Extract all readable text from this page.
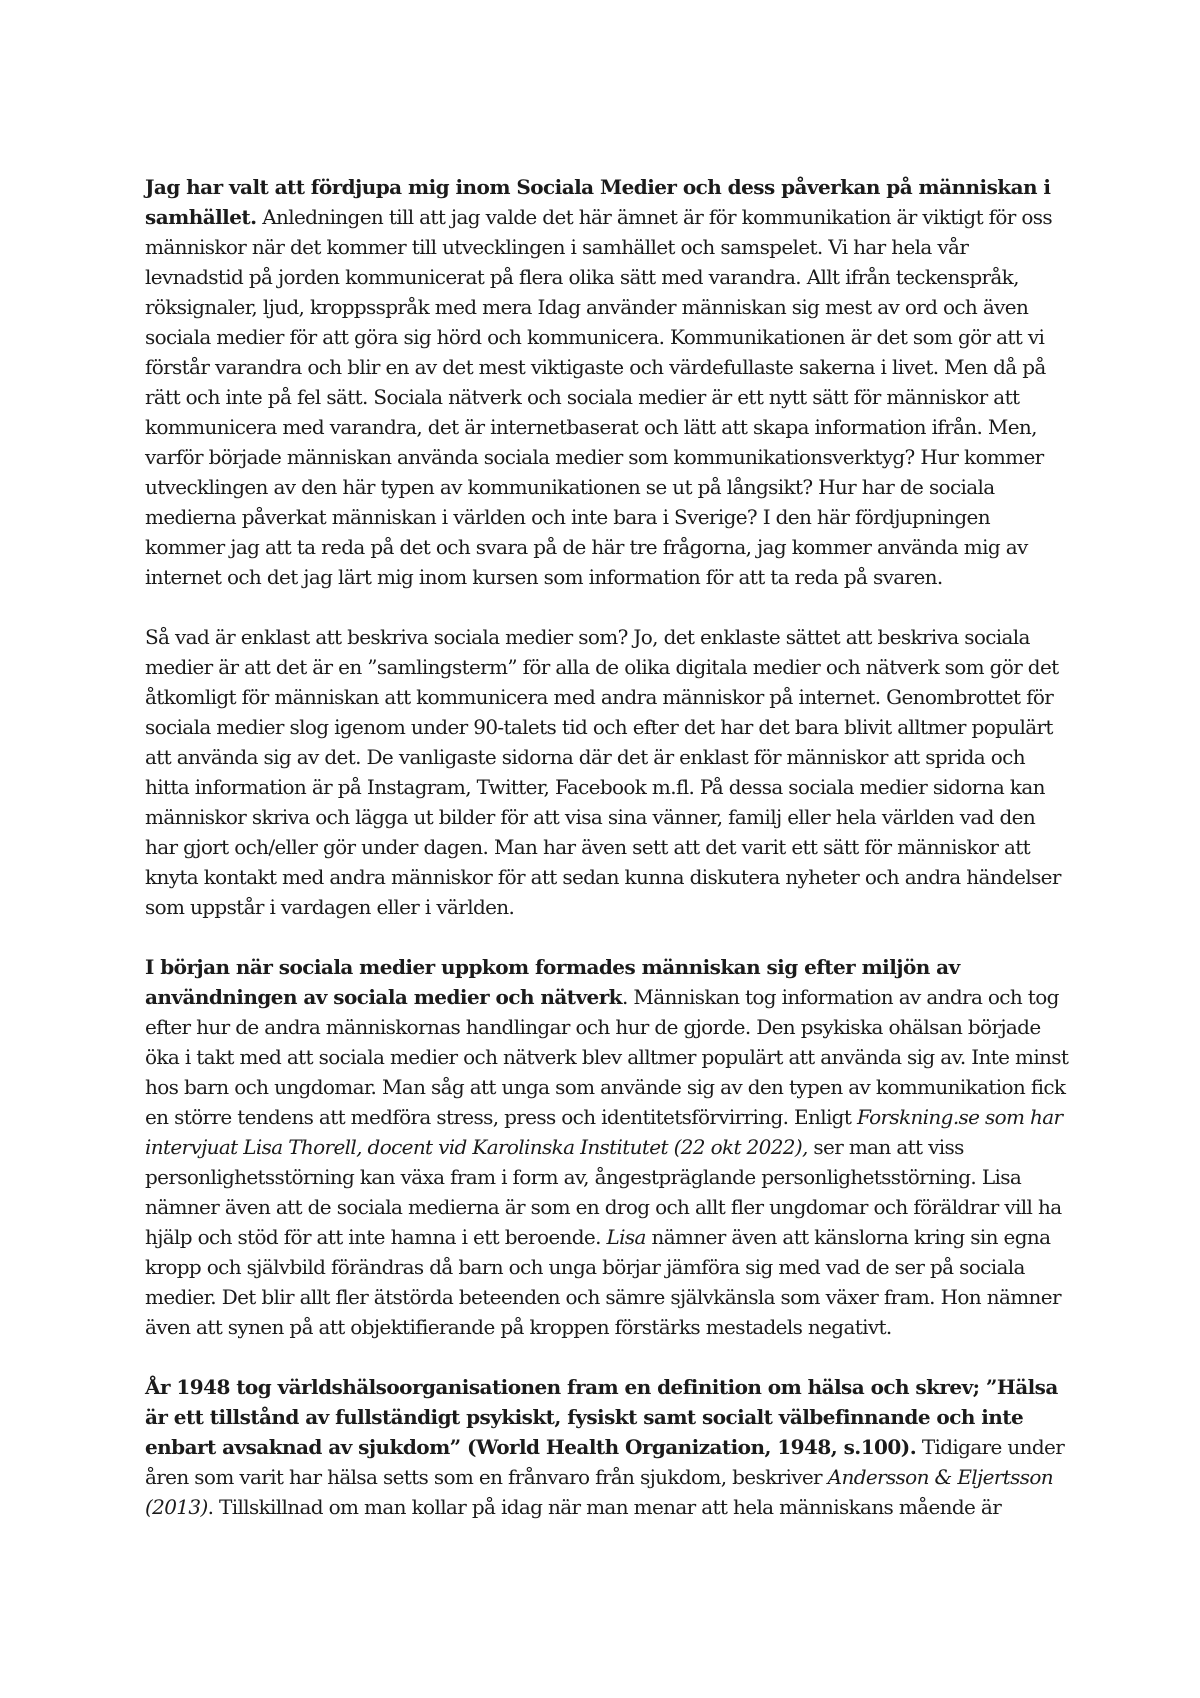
Jag har valt att fördjupa mig inom Sociala Medier och dess påverkan på människan i samhället. Anledningen till att jag valde det här ämnet är för kommunikation är viktigt för oss människor när det kommer till utvecklingen i samhället och samspelet. Vi har hela vår levnadstid på jorden kommunicerat på flera olika sätt med varandra. Allt ifrån teckenspråk, röksignaler, ljud, kroppsspråk med mera Idag använder människan sig mest av ord och även sociala medier för att göra sig hörd och kommunicera. Kommunikationen är det som gör att vi förstår varandra och blir en av det mest viktigaste och värdefullaste sakerna i livet. Men då på rätt och inte på fel sätt. Sociala nätverk och sociala medier är ett nytt sätt för människor att kommunicera med varandra, det är internetbaserat och lätt att skapa information ifrån. Men, varför började människan använda sociala medier som kommunikationsverktyg? Hur kommer utvecklingen av den här typen av kommunikationen se ut på långsikt? Hur har de sociala medierna påverkat människan i världen och inte bara i Sverige? I den här fördjupningen kommer jag att ta reda på det och svara på de här tre frågorna, jag kommer använda mig av internet och det jag lärt mig inom kursen som information för att ta reda på svaren.

Så vad är enklast att beskriva sociala medier som? Jo, det enklaste sättet att beskriva sociala medier är att det är en ”samlingsterm” för alla de olika digitala medier och nätverk som gör det åtkomligt för människan att kommunicera med andra människor på internet. Genombrottet för sociala medier slog igenom under 90-talets tid och efter det har det bara blivit alltmer populärt att använda sig av det. De vanligaste sidorna där det är enklast för människor att sprida och hitta information är på Instagram, Twitter, Facebook m.fl. På dessa sociala medier sidorna kan människor skriva och lägga ut bilder för att visa sina vänner, familj eller hela världen vad den har gjort och/eller gör under dagen. Man har även sett att det varit ett sätt för människor att knyta kontakt med andra människor för att sedan kunna diskutera nyheter och andra händelser som uppstår i vardagen eller i världen.

I början när sociala medier uppkom formades människan sig efter miljön av användningen av sociala medier och nätverk. Människan tog information av andra och tog efter hur de andra människornas handlingar och hur de gjorde. Den psykiska ohälsan började öka i takt med att sociala medier och nätverk blev alltmer populärt att använda sig av. Inte minst hos barn och ungdomar. Man såg att unga som använde sig av den typen av kommunikation fick en större tendens att medföra stress, press och identitetsförvirring. Enligt Forskning.se som har intervjuat Lisa Thorell, docent vid Karolinska Institutet (22 okt 2022), ser man att viss personlighetsstörning kan växa fram i form av, ångestpräglande personlighetsstörning. Lisa nämner även att de sociala medierna är som en drog och allt fler ungdomar och föräldrar vill ha hjälp och stöd för att inte hamna i ett beroende. Lisa nämner även att känslorna kring sin egna kropp och självbild förändras då barn och unga börjar jämföra sig med vad de ser på sociala medier. Det blir allt fler ätstörda beteenden och sämre självkänsla som växer fram. Hon nämner även att synen på att objektifierande på kroppen förstärks mestadels negativt.

År 1948 tog världshälsoorganisationen fram en definition om hälsa och skrev; ”Hälsa är ett tillstånd av fullständigt psykiskt, fysiskt samt socialt välbefinnande och inte enbart avsaknad av sjukdom” (World Health Organization, 1948, s.100). Tidigare under åren som varit har hälsa setts som en frånvaro från sjukdom, beskriver Andersson & Eljertsson (2013). Tillskillnad om man kollar på idag när man menar att hela människans mående är
